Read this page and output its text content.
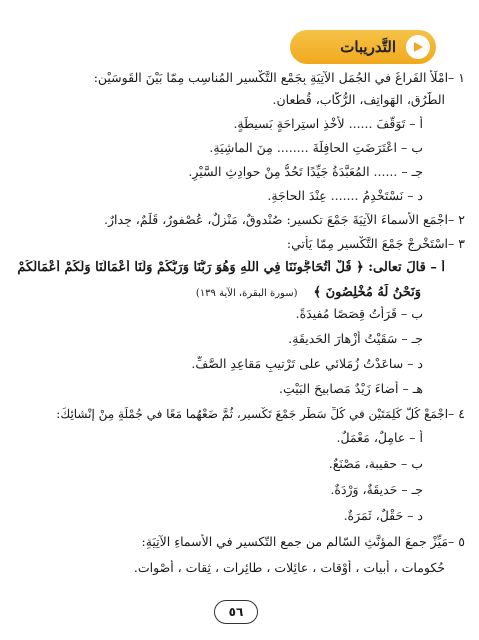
التَّدريبات
١ –
امْلَأ الفَراغَ في الجُمَلِ الآتِيَةِ بِجَمْعِ التَّكْسيرِ المُناسِبِ مِمّا بَيْنَ القَوسَيْنِ:
الطُّرُق، الهَواتِف، الرُّكّاب، قُطعان.
أ – تَوَقَّفَ ...... لأَخْذِ استِراحَةٍ بَسيطَةٍ.
ب – اعْتَرَضَتِ الحافِلَةَ ........ مِنَ الماشِيَةِ.
جـ – ...... المُعَبَّدَةُ جَيِّدًا تَحُدُّ مِنْ حوادِثِ السَّيْرِ.
د – نَسْتَخْدِمُ ....... عِنْدَ الحاجَةِ.
٢ –
اجْمَعِ الأسماءَ الآتِيَةَ جَمْعَ تكسيرٍ: صُنْدوقٌ، مَنْزِلٌ، عُصْفورٌ، قَلَمٌ، جِدارٌ.
٣ –
اسْتَخْرِجْ جَمْعَ التَّكْسيرِ مِمّا يَأْتي:
أ – قالَ تعالى: ﴿ قُلْ أَتُحَاجُّونَنَا فِي اللَّهِ وَهُوَ رَبُّنَا وَرَبُّكُمْ وَلَنَا أَعْمَالُنَا وَلَكُمْ أَعْمَالُكُمْ
وَنَحْنُ لَهُ مُخْلِصُونَ ﴾ (سورة البقرة، الآية ١٣٩)
ب – قَرَأْتُ قِصَصًا مُفيدَةً.
جـ – سَقَيْتُ أَزْهارَ الحَديقَةِ.
د – ساعَدْتُ زُمَلائي على تَرْتيبِ مَقاعِدِ الصَّفِّ.
هـ – أَضاءَ زَيْدٌ مَصابيحَ البَيْتِ.
٤ –
اجْمَعْ كُلَّ كَلِمَتَيْنِ في كُلِّ سَطْرٍ جَمْعَ تَكْسيرٍ، ثُمَّ ضَعْهُما مَعًا في جُمْلَةٍ مِنْ إنْشائِكَ:
أ – عامِلٌ، مَعْمَلٌ.
ب – حقيبة، مَصْنَعٌ.
جـ – حَديقَةٌ، وَرْدَةٌ.
د – حَقْلٌ، ثَمَرَةٌ.
٥ –
مَيِّزْ جمعَ المؤنَّثِ السّالمِ من جمعِ التّكسيرِ في الأسماءِ الآتِيَةِ:
حُكومات ، أبيات ، أَوْقات ، عائِلات ، طائِرات ، ثِقات ، أَصْوات.
٥٦
